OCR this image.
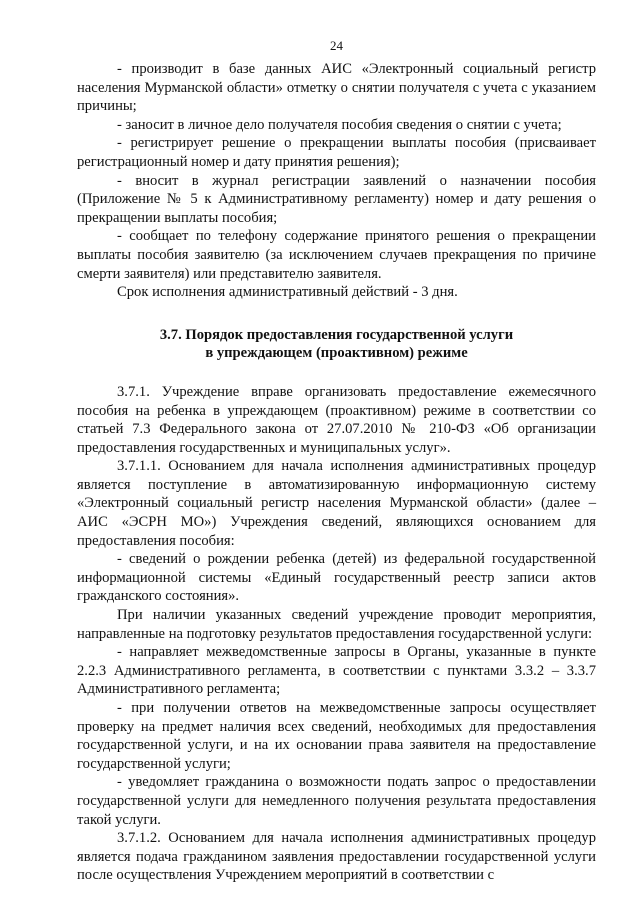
24

- производит в базе данных АИС «Электронный социальный регистр населения Мурманской области» отметку о снятии получателя с учета с указанием причины;

- заносит в личное дело получателя пособия сведения о снятии с учета;

- регистрирует решение о прекращении выплаты пособия (присваивает регистрационный номер и дату принятия решения);

- вносит в журнал регистрации заявлений о назначении пособия (Приложение № 5 к Административному регламенту) номер и дату решения о прекращении выплаты пособия;

- сообщает по телефону содержание принятого решения о прекращении выплаты пособия заявителю (за исключением случаев прекращения по причине смерти заявителя) или представителю заявителя.

Срок исполнения административный действий - 3 дня.

3.7. Порядок предоставления государственной услуги
в упреждающем (проактивном) режиме

3.7.1. Учреждение вправе организовать предоставление ежемесячного пособия на ребенка в упреждающем (проактивном) режиме в соответствии со статьей 7.3 Федерального закона от 27.07.2010 № 210-ФЗ «Об организации предоставления государственных и муниципальных услуг».

3.7.1.1. Основанием для начала исполнения административных процедур является поступление в автоматизированную информационную систему «Электронный социальный регистр населения Мурманской области» (далее – АИС «ЭСРН МО») Учреждения сведений, являющихся основанием для предоставления пособия:

- сведений о рождении ребенка (детей) из федеральной государственной информационной системы «Единый государственный реестр записи актов гражданского состояния».

При наличии указанных сведений учреждение проводит мероприятия, направленные на подготовку результатов предоставления государственной услуги:

- направляет межведомственные запросы в Органы, указанные в пункте 2.2.3 Административного регламента, в соответствии с пунктами 3.3.2 – 3.3.7 Административного регламента;

- при получении ответов на межведомственные запросы осуществляет проверку на предмет наличия всех сведений, необходимых для предоставления государственной услуги, и на их основании права заявителя на предоставление государственной услуги;

- уведомляет гражданина о возможности подать запрос о предоставлении государственной услуги для немедленного получения результата предоставления такой услуги.

3.7.1.2. Основанием для начала исполнения административных процедур является подача гражданином заявления предоставлении государственной услуги после осуществления Учреждением мероприятий в соответствии с
